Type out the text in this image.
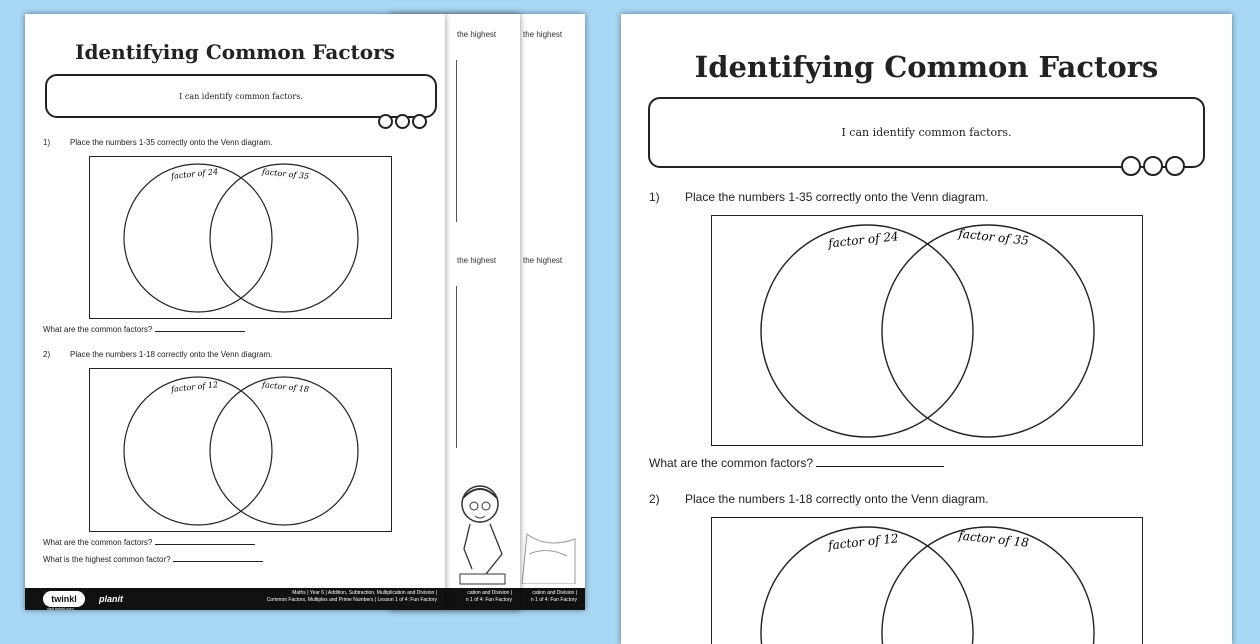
the highest
the highest
cation and Division |
n 1 of 4: Fun Factory
the highest
the highest
cation and Division |
n 1 of 4: Fun Factory
Identifying Common Factors
I can identify common factors.
1) Place the numbers 1-35 correctly onto the Venn diagram.
factor of 24	factor of 35
What are the common factors?
2) Place the numbers 1-18 correctly onto the Venn diagram.
factor of 12	factor of 18
What are the common factors?
What is the highest common factor?
twinkl planit
Maths | Year 6 | Addition, Subtraction, Multiplication and Division |
Common Factors, Multiples and Prime Numbers | Lesson 1 of 4: Fun Factory
visit twinkl.com
Identifying Common Factors
I can identify common factors.
1) Place the numbers 1-35 correctly onto the Venn diagram.
factor of 24	factor of 35
What are the common factors?
2) Place the numbers 1-18 correctly onto the Venn diagram.
factor of 12	factor of 18
